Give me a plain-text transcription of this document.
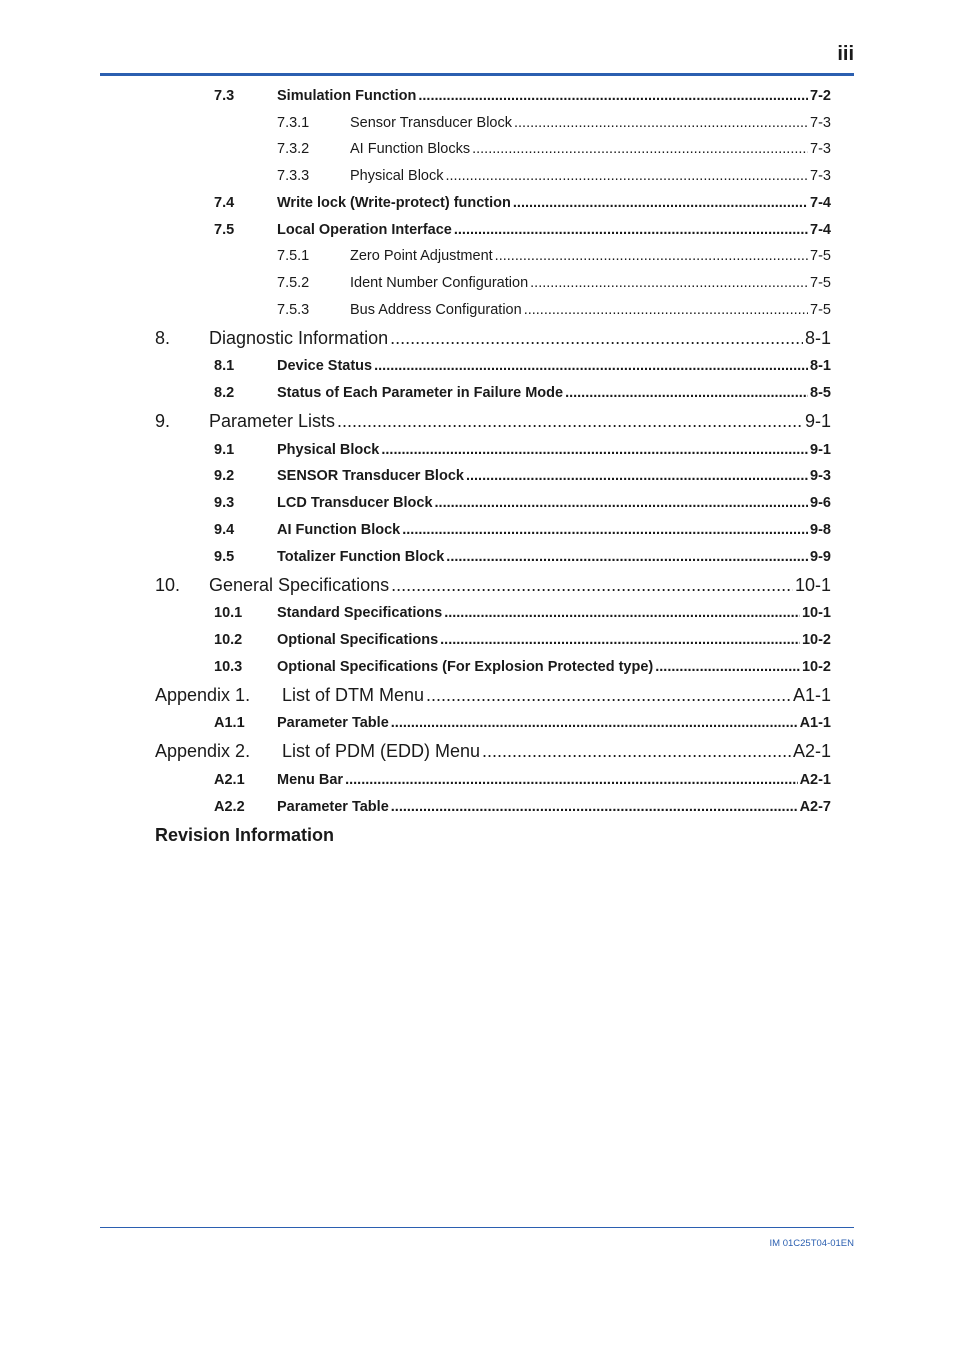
iii
7.3	Simulation Function .....	7-2
7.3.1	Sensor Transducer Block .....	7-3
7.3.2	AI Function Blocks .....	7-3
7.3.3	Physical Block .....	7-3
7.4	Write lock (Write-protect) function .....	7-4
7.5	Local Operation Interface .....	7-4
7.5.1	Zero Point Adjustment .....	7-5
7.5.2	Ident Number Configuration .....	7-5
7.5.3	Bus Address Configuration .....	7-5
8. Diagnostic Information .....	8-1
8.1	Device Status .....	8-1
8.2	Status of Each Parameter in Failure Mode .....	8-5
9. Parameter Lists .....	9-1
9.1	Physical Block .....	9-1
9.2	SENSOR Transducer Block .....	9-3
9.3	LCD Transducer Block .....	9-6
9.4	AI Function Block .....	9-8
9.5	Totalizer Function Block .....	9-9
10. General Specifications .....	10-1
10.1 Standard Specifications .....	10-1
10.2 Optional Specifications .....	10-2
10.3 Optional Specifications (For Explosion Protected type) .....	10-2
Appendix 1. List of DTM Menu .....	A1-1
A1.1 Parameter Table .....	A1-1
Appendix 2. List of PDM (EDD) Menu .....	A2-1
A2.1 Menu Bar .....	A2-1
A2.2 Parameter Table .....	A2-7
Revision Information
IM 01C25T04-01EN
